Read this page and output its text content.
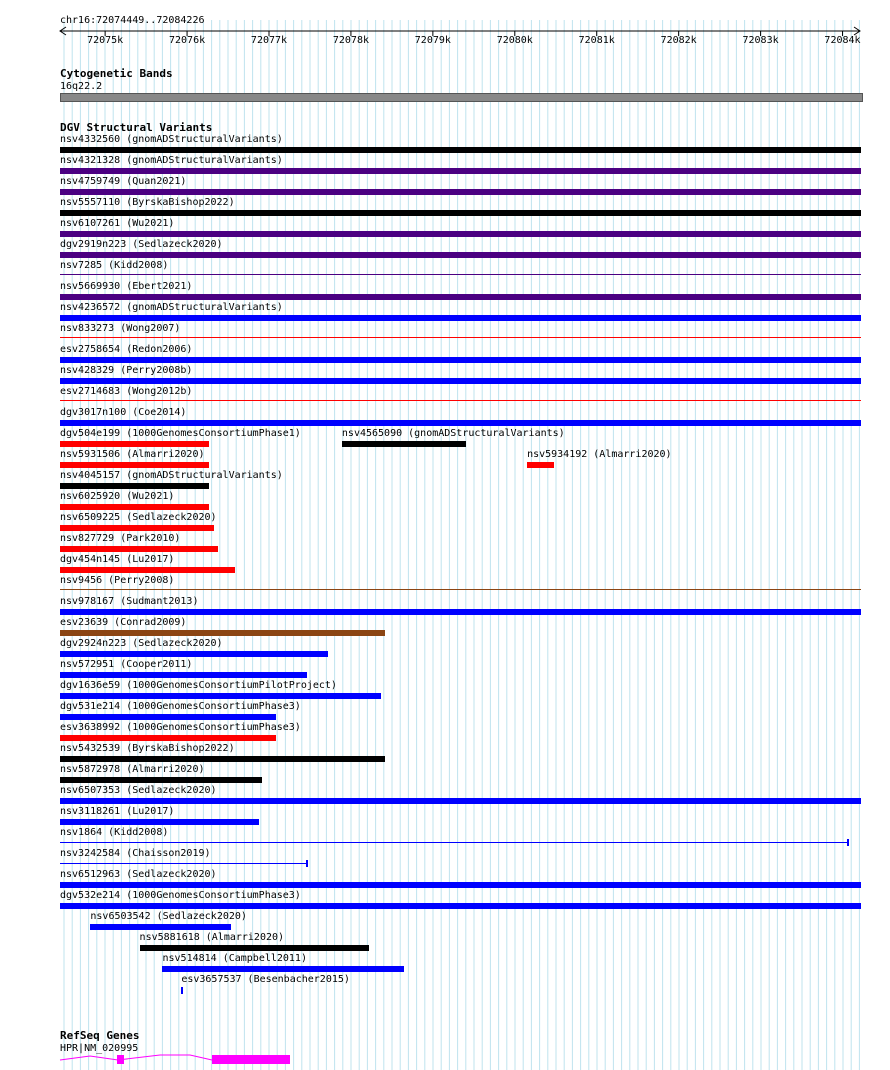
chr16:72074449..72084226
72075k	72076k	72077k	72078k	72079k	72080k	72081k	72082k	72083k	72084k
Cytogenetic Bands
16q22.2
DGV Structural Variants
nsv4332560 (gnomADStructuralVariants)
nsv4321328 (gnomADStructuralVariants)
nsv4759749 (Quan2021)
nsv5557110 (ByrskaBishop2022)
nsv6107261 (Wu2021)
dgv2919n223 (Sedlazeck2020)
nsv7285 (Kidd2008)
nsv5669930 (Ebert2021)
nsv4236572 (gnomADStructuralVariants)
nsv833273 (Wong2007)
esv2758654 (Redon2006)
nsv428329 (Perry2008b)
esv2714683 (Wong2012b)
dgv3017n100 (Coe2014)
dgv504e199 (1000GenomesConsortiumPhase1)	nsv4565090 (gnomADStructuralVariants)
nsv5931506 (Almarri2020)	nsv5934192 (Almarri2020)
nsv4045157 (gnomADStructuralVariants)
nsv6025920 (Wu2021)
nsv6509225 (Sedlazeck2020)
nsv827729 (Park2010)
dgv454n145 (Lu2017)
nsv9456 (Perry2008)
nsv978167 (Sudmant2013)
esv23639 (Conrad2009)
dgv2924n223 (Sedlazeck2020)
nsv572951 (Cooper2011)
dgv1636e59 (1000GenomesConsortiumPilotProject)
dgv531e214 (1000GenomesConsortiumPhase3)
esv3638992 (1000GenomesConsortiumPhase3)
nsv5432539 (ByrskaBishop2022)
nsv5872978 (Almarri2020)
nsv6507353 (Sedlazeck2020)
nsv3118261 (Lu2017)
nsv1864 (Kidd2008)
nsv3242584 (Chaisson2019)
nsv6512963 (Sedlazeck2020)
dgv532e214 (1000GenomesConsortiumPhase3)
nsv6503542 (Sedlazeck2020)
nsv5881618 (Almarri2020)
nsv514814 (Campbell2011)
esv3657537 (Besenbacher2015)
RefSeq Genes
HPR|NM_020995
